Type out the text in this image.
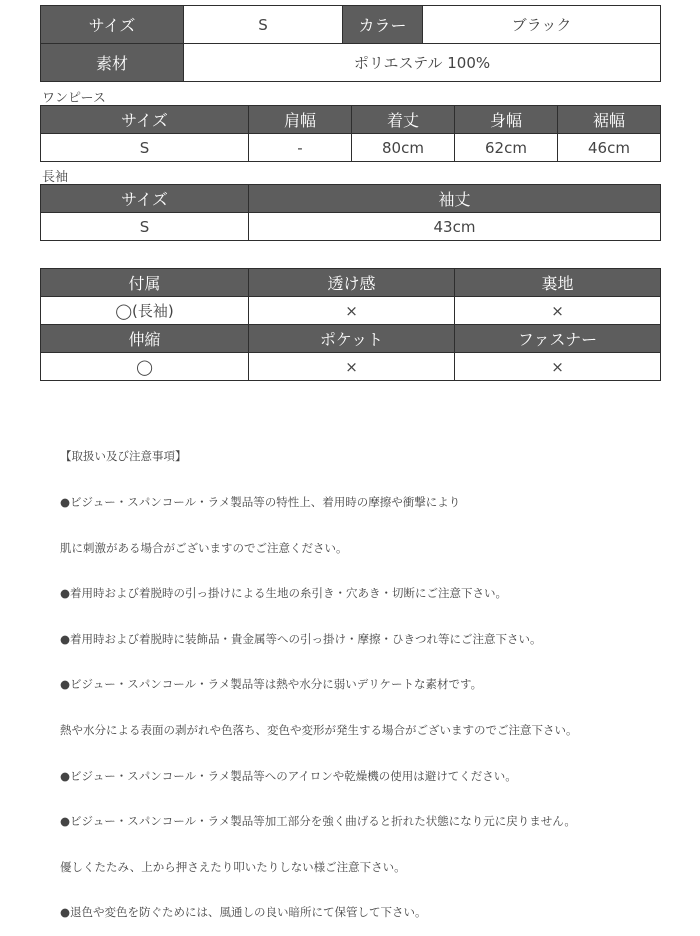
サイズ	S	カラー	ブラック
素材	ポリエステル 100%		
ワンピース
サイズ	肩幅	着丈	身幅	裾幅
S	-	80cm	62cm	46cm
長袖
サイズ	袖丈
S	43cm
付属	透け感	裏地
◯(長袖)	×	×
伸縮	ポケット	ファスナー
◯	×	×

【取扱い及び注意事項】

●ビジュー・スパンコール・ラメ製品等の特性上、着用時の摩擦や衝撃により

肌に刺激がある場合がございますのでご注意ください。

●着用時および着脱時の引っ掛けによる生地の糸引き・穴あき・切断にご注意下さい。

●着用時および着脱時に装飾品・貴金属等への引っ掛け・摩擦・ひきつれ等にご注意下さい。

●ビジュー・スパンコール・ラメ製品等は熱や水分に弱いデリケートな素材です。

熱や水分による表面の剥がれや色落ち、変色や変形が発生する場合がございますのでご注意下さい。

●ビジュー・スパンコール・ラメ製品等へのアイロンや乾燥機の使用は避けてください。

●ビジュー・スパンコール・ラメ製品等加工部分を強く曲げると折れた状態になり元に戻りません。

優しくたたみ、上から押さえたり叩いたりしない様ご注意下さい。

●退色や変色を防ぐためには、風通しの良い暗所にて保管して下さい。
